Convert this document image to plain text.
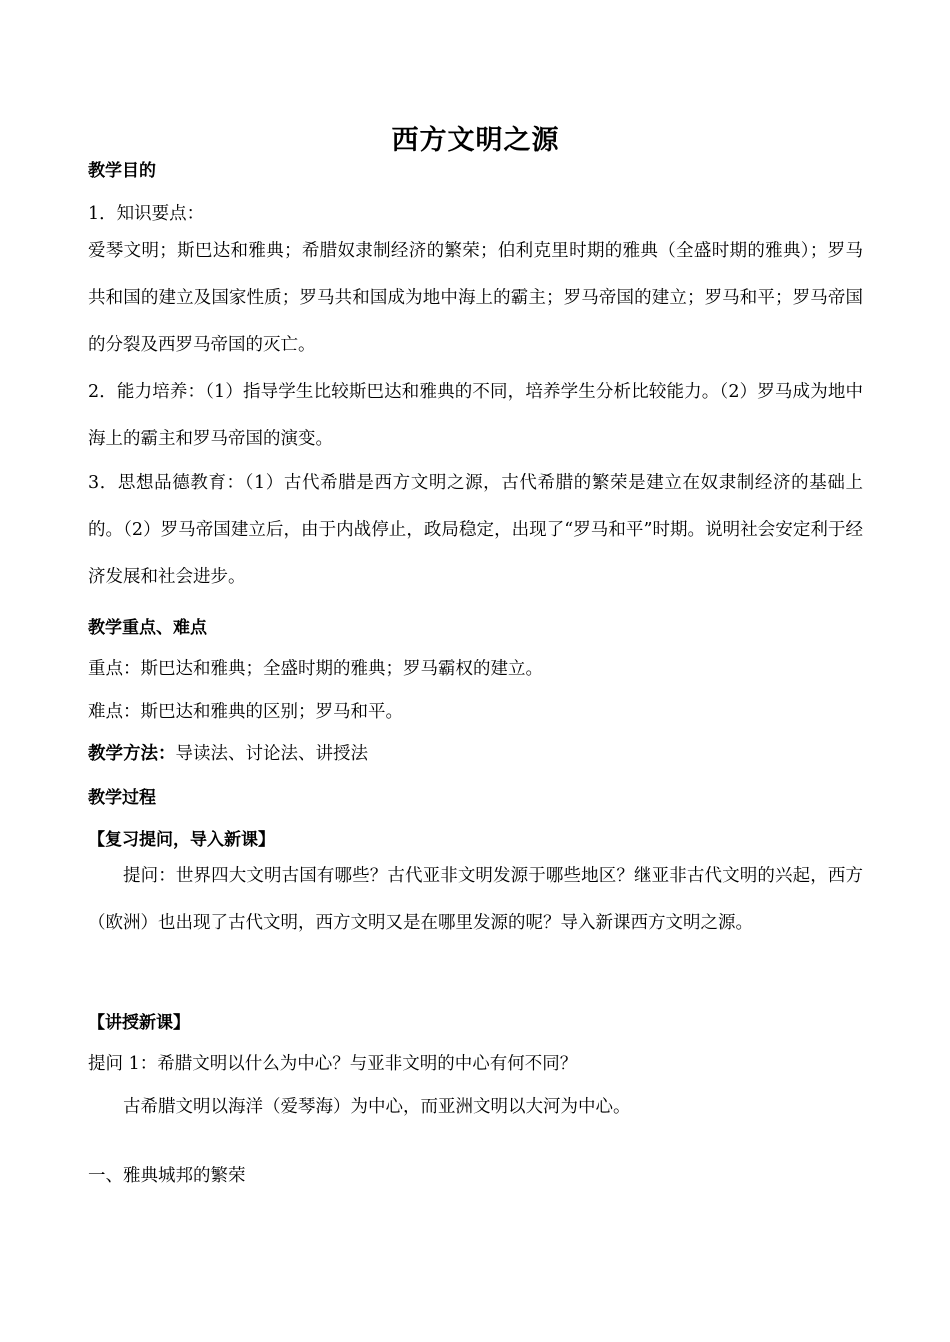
西方文明之源
教学目的
1．知识要点：
爱琴文明；斯巴达和雅典；希腊奴隶制经济的繁荣；伯利克里时期的雅典（全盛时期的雅典）；罗马共和国的建立及国家性质；罗马共和国成为地中海上的霸主；罗马帝国的建立；罗马和平；罗马帝国的分裂及西罗马帝国的灭亡。
2．能力培养：（1）指导学生比较斯巴达和雅典的不同，培养学生分析比较能力。（2）罗马成为地中海上的霸主和罗马帝国的演变。
3．思想品德教育：（1）古代希腊是西方文明之源，古代希腊的繁荣是建立在奴隶制经济的基础上的。（2）罗马帝国建立后，由于内战停止，政局稳定，出现了“罗马和平”时期。说明社会安定利于经济发展和社会进步。
教学重点、难点
重点：斯巴达和雅典；全盛时期的雅典；罗马霸权的建立。
难点：斯巴达和雅典的区别；罗马和平。
教学方法：导读法、讨论法、讲授法
教学过程
【复习提问，导入新课】
提问：世界四大文明古国有哪些？古代亚非文明发源于哪些地区？继亚非古代文明的兴起，西方（欧洲）也出现了古代文明，西方文明又是在哪里发源的呢？导入新课西方文明之源。
【讲授新课】
提问 1：希腊文明以什么为中心？与亚非文明的中心有何不同？
古希腊文明以海洋（爱琴海）为中心，而亚洲文明以大河为中心。
一、雅典城邦的繁荣
